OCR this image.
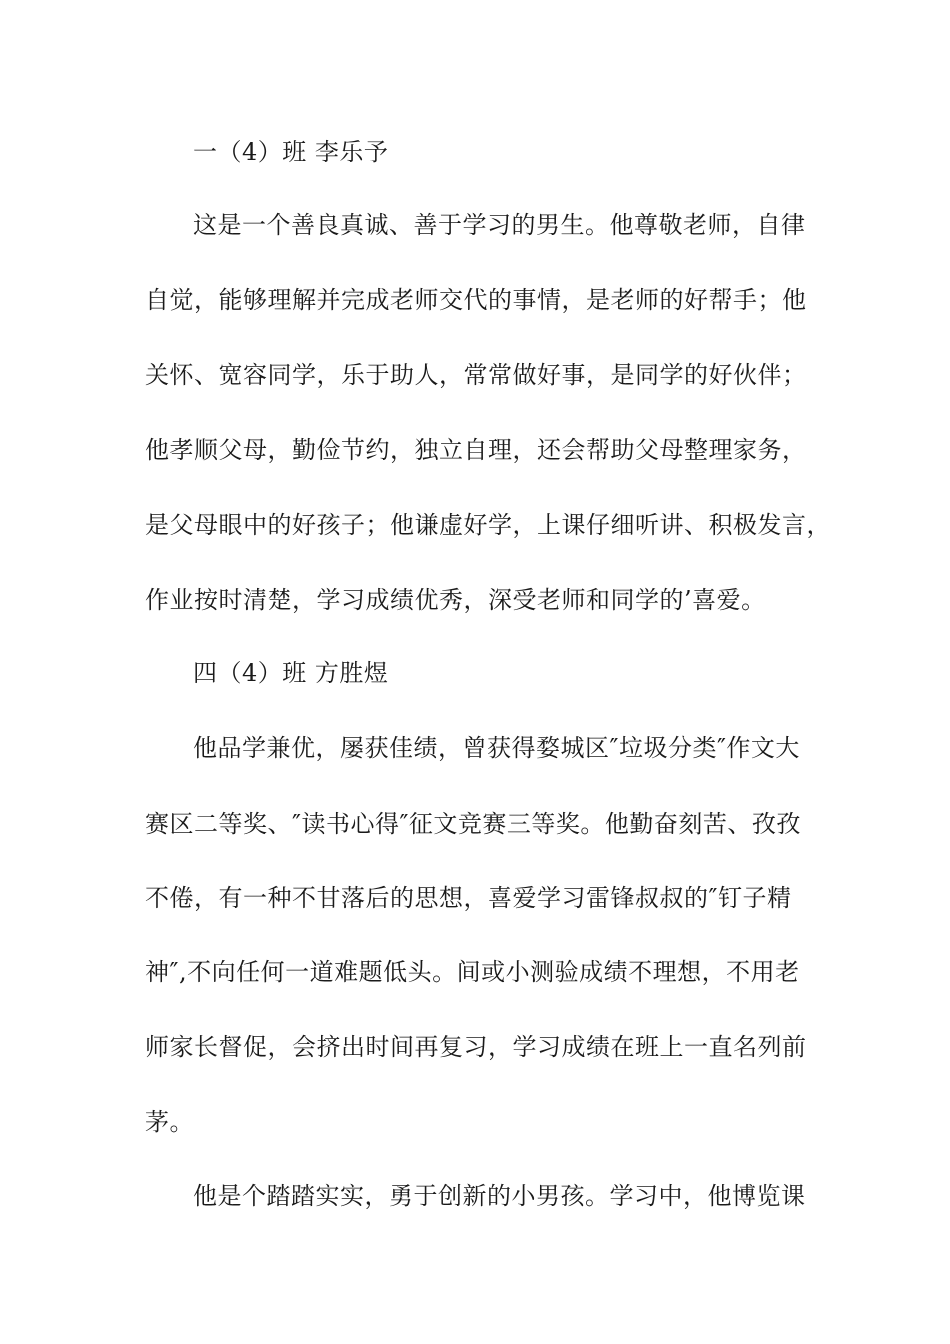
一（4）班 李乐予
这是一个善良真诚、善于学习的男生。他尊敬老师，自律
自觉，能够理解并完成老师交代的事情，是老师的好帮手；他
关怀、宽容同学，乐于助人，常常做好事，是同学的好伙伴；
他孝顺父母，勤俭节约，独立自理，还会帮助父母整理家务，
是父母眼中的好孩子；他谦虚好学，上课仔细听讲、积极发言，
作业按时清楚，学习成绩优秀，深受老师和同学的’喜爱。
四（4）班 方胜煜
他品学兼优，屡获佳绩，曾获得婺城区″垃圾分类″作文大
赛区二等奖、″读书心得″征文竞赛三等奖。他勤奋刻苦、孜孜
不倦，有一种不甘落后的思想，喜爱学习雷锋叔叔的″钉子精
神″,不向任何一道难题低头。间或小测验成绩不理想，不用老
师家长督促，会挤出时间再复习，学习成绩在班上一直名列前
茅。
他是个踏踏实实，勇于创新的小男孩。学习中，他博览课
